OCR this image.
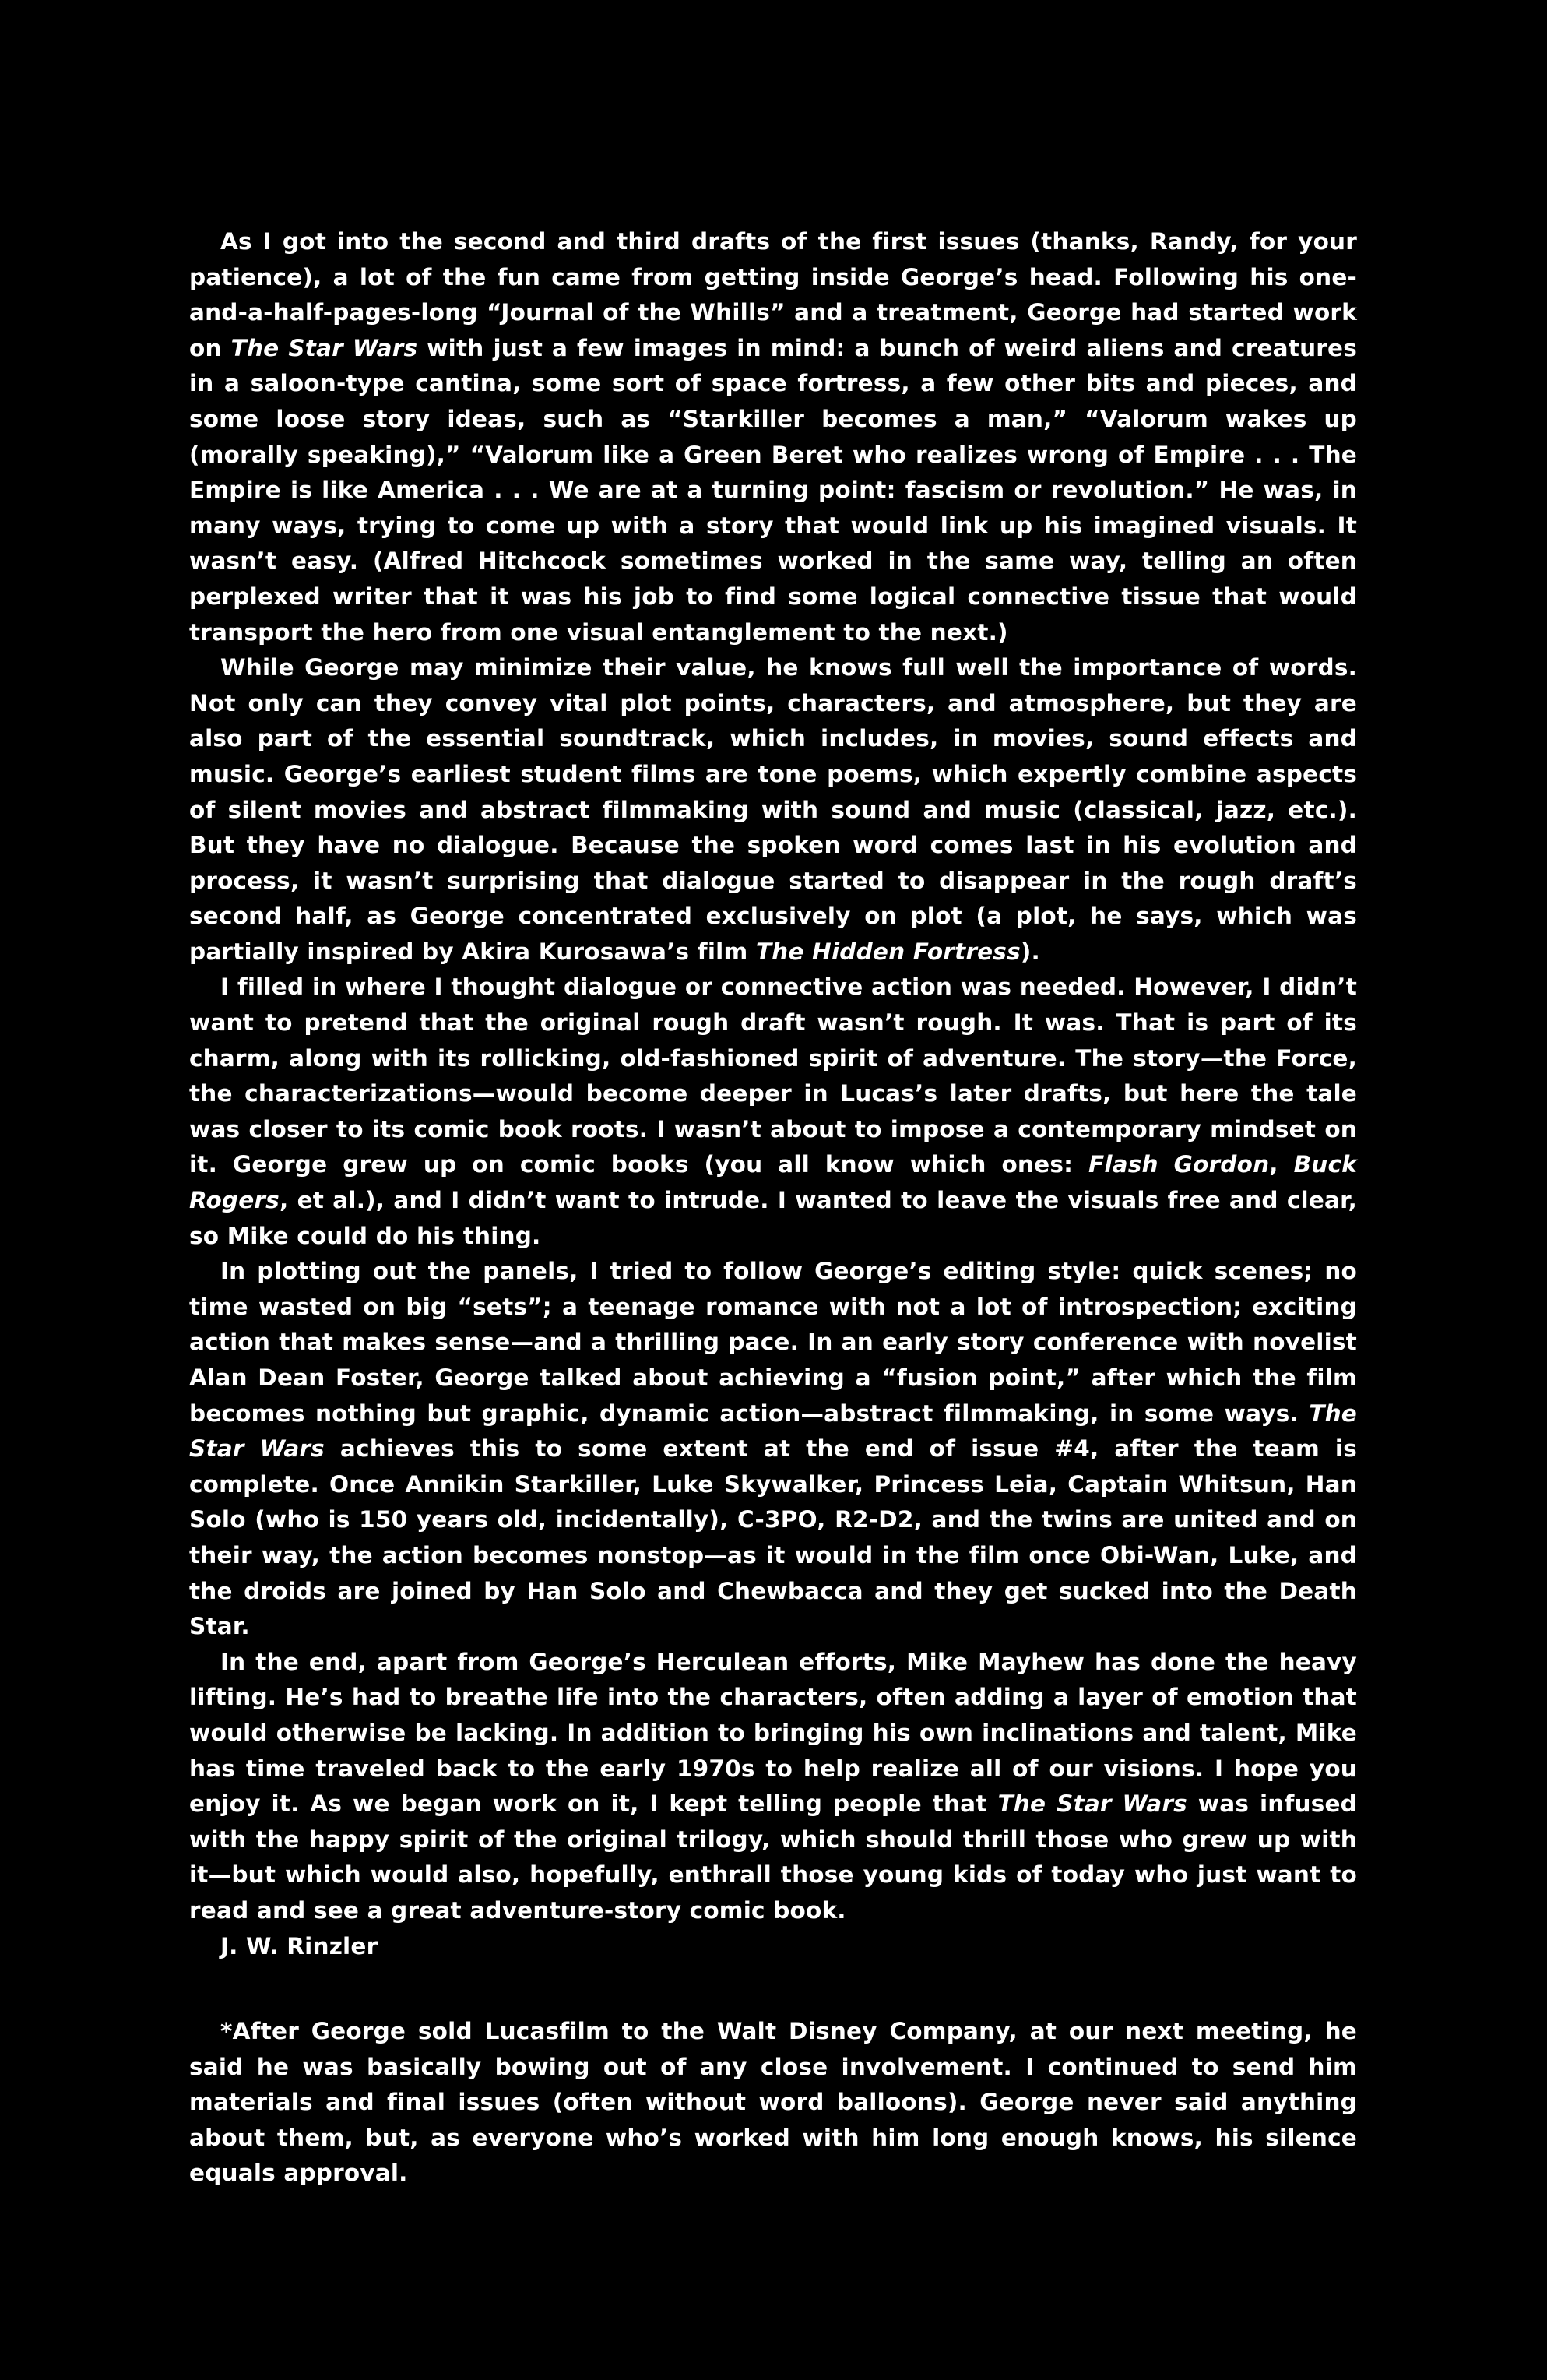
As I got into the second and third drafts of the first issues (thanks, Randy, for your patience), a lot of the fun came from getting inside George’s head. Following his one-and-a-half-pages-long “Journal of the Whills” and a treatment, George had started work on The Star Wars with just a few images in mind: a bunch of weird aliens and creatures in a saloon-type cantina, some sort of space fortress, a few other bits and pieces, and some loose story ideas, such as “Starkiller becomes a man,” “Valorum wakes up (morally speaking),” “Valorum like a Green Beret who realizes wrong of Empire . . . The Empire is like America . . . We are at a turning point: fascism or revolution.” He was, in many ways, trying to come up with a story that would link up his imagined visuals. It wasn’t easy. (Alfred Hitchcock sometimes worked in the same way, telling an often perplexed writer that it was his job to find some logical connective tissue that would transport the hero from one visual entanglement to the next.)

While George may minimize their value, he knows full well the importance of words. Not only can they convey vital plot points, characters, and atmosphere, but they are also part of the essential soundtrack, which includes, in movies, sound effects and music. George’s earliest student films are tone poems, which expertly combine aspects of silent movies and abstract filmmaking with sound and music (classical, jazz, etc.). But they have no dialogue. Because the spoken word comes last in his evolution and process, it wasn’t surprising that dialogue started to disappear in the rough draft’s second half, as George concentrated exclusively on plot (a plot, he says, which was partially inspired by Akira Kurosawa’s film The Hidden Fortress).

I filled in where I thought dialogue or connective action was needed. However, I didn’t want to pretend that the original rough draft wasn’t rough. It was. That is part of its charm, along with its rollicking, old-fashioned spirit of adventure. The story—the Force, the characterizations—would become deeper in Lucas’s later drafts, but here the tale was closer to its comic book roots. I wasn’t about to impose a contemporary mindset on it. George grew up on comic books (you all know which ones: Flash Gordon, Buck Rogers, et al.), and I didn’t want to intrude. I wanted to leave the visuals free and clear, so Mike could do his thing.

In plotting out the panels, I tried to follow George’s editing style: quick scenes; no time wasted on big “sets”; a teenage romance with not a lot of introspection; exciting action that makes sense—and a thrilling pace. In an early story conference with novelist Alan Dean Foster, George talked about achieving a “fusion point,” after which the film becomes nothing but graphic, dynamic action—abstract filmmaking, in some ways. The Star Wars achieves this to some extent at the end of issue #4, after the team is complete. Once Annikin Starkiller, Luke Skywalker, Princess Leia, Captain Whitsun, Han Solo (who is 150 years old, incidentally), C-3PO, R2-D2, and the twins are united and on their way, the action becomes nonstop—as it would in the film once Obi-Wan, Luke, and the droids are joined by Han Solo and Chewbacca and they get sucked into the Death Star.

In the end, apart from George’s Herculean efforts, Mike Mayhew has done the heavy lifting. He’s had to breathe life into the characters, often adding a layer of emotion that would otherwise be lacking. In addition to bringing his own inclinations and talent, Mike has time traveled back to the early 1970s to help realize all of our visions. I hope you enjoy it. As we began work on it, I kept telling people that The Star Wars was infused with the happy spirit of the original trilogy, which should thrill those who grew up with it—but which would also, hopefully, enthrall those young kids of today who just want to read and see a great adventure-story comic book.

J. W. Rinzler

*After George sold Lucasfilm to the Walt Disney Company, at our next meeting, he said he was basically bowing out of any close involvement. I continued to send him materials and final issues (often without word balloons). George never said anything about them, but, as everyone who’s worked with him long enough knows, his silence equals approval.
